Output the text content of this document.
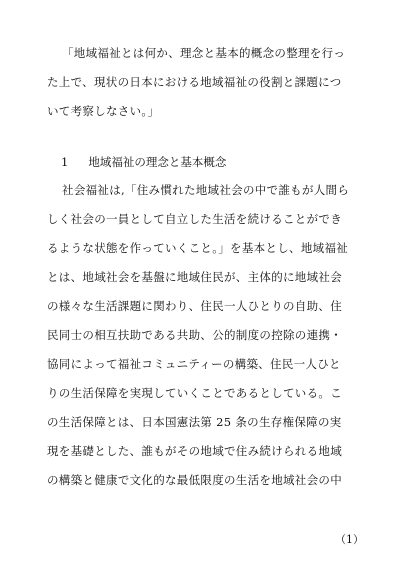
「地域福祉とは何か、理念と基本的概念の整理を行っ
た上で、現状の日本における地域福祉の役割と課題につ
いて考察しなさい。」
1 地域福祉の理念と基本概念
社会福祉は,「住み慣れた地域社会の中で誰もが人間ら
しく社会の一員として自立した生活を続けることができ
るような状態を作っていくこと。」を基本とし、地域福祉
とは、地域社会を基盤に地域住民が、主体的に地域社会
の様々な生活課題に関わり、住民一人ひとりの自助、住
民同士の相互扶助である共助、公的制度の控除の連携・
協同によって福祉コミュニティーの構築、住民一人ひと
りの生活保障を実現していくことであるとしている。こ
の生活保障とは、日本国憲法第 25 条の生存権保障の実
現を基礎とした、誰もがその地域で住み続けられる地域
の構築と健康で文化的な最低限度の生活を地域社会の中
（1）
